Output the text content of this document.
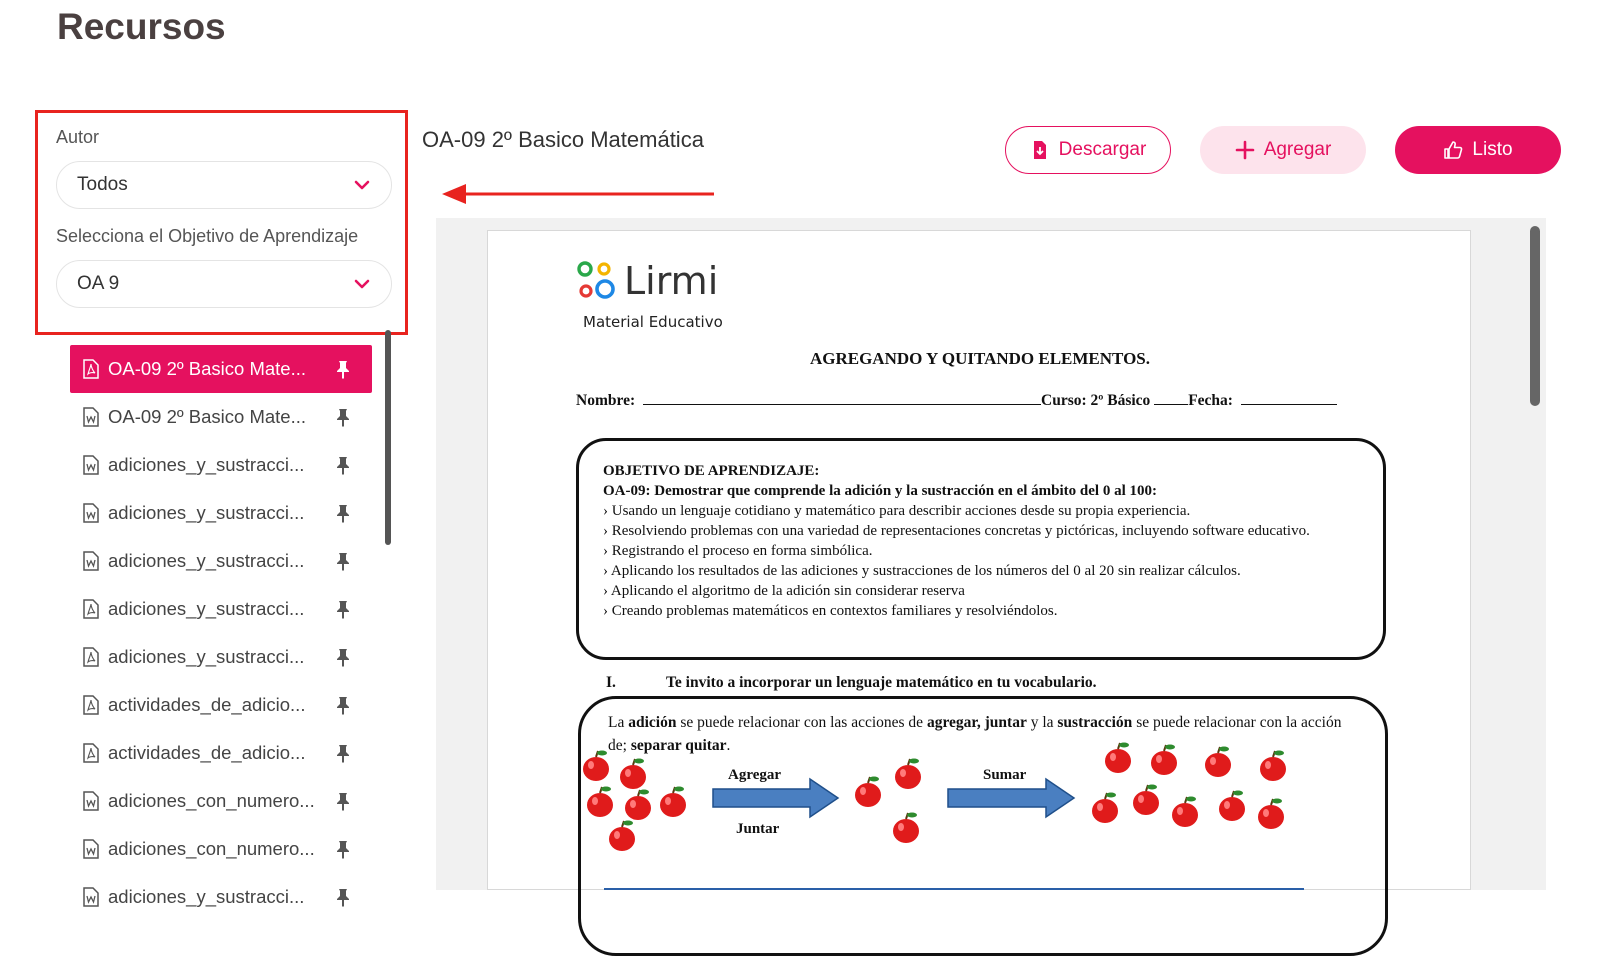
Recursos
Autor
Todos
Selecciona el Objetivo de Aprendizaje
OA 9
OA-09 2º Basico Mate...
OA-09 2º Basico Mate...
adiciones_y_sustracci...
adiciones_y_sustracci...
adiciones_y_sustracci...
adiciones_y_sustracci...
adiciones_y_sustracci...
actividades_de_adicio...
actividades_de_adicio...
adiciones_con_numero...
adiciones_con_numero...
adiciones_y_sustracci...
OA-09 2º Basico Matemática	Descargar	Agregar	Listo
Lirmi
Material Educativo
AGREGANDO Y QUITANDO ELEMENTOS.
Nombre:	Curso: 2º Básico Fecha:
OBJETIVO DE APRENDIZAJE:
OA-09: Demostrar que comprende la adición y la sustracción en el ámbito del 0 al 100:
› Usando un lenguaje cotidiano y matemático para describir acciones desde su propia experiencia.
› Resolviendo problemas con una variedad de representaciones concretas y pictóricas, incluyendo software educativo.
› Registrando el proceso en forma simbólica.
› Aplicando los resultados de las adiciones y sustracciones de los números del 0 al 20 sin realizar cálculos.
› Aplicando el algoritmo de la adición sin considerar reserva
› Creando problemas matemáticos en contextos familiares y resolviéndolos.
I.	Te invito a incorporar un lenguaje matemático en tu vocabulario.
La adición se puede relacionar con las acciones de agregar, juntar y la sustracción se puede relacionar con la acción de; separar quitar.
Agregar
Juntar
Sumar
